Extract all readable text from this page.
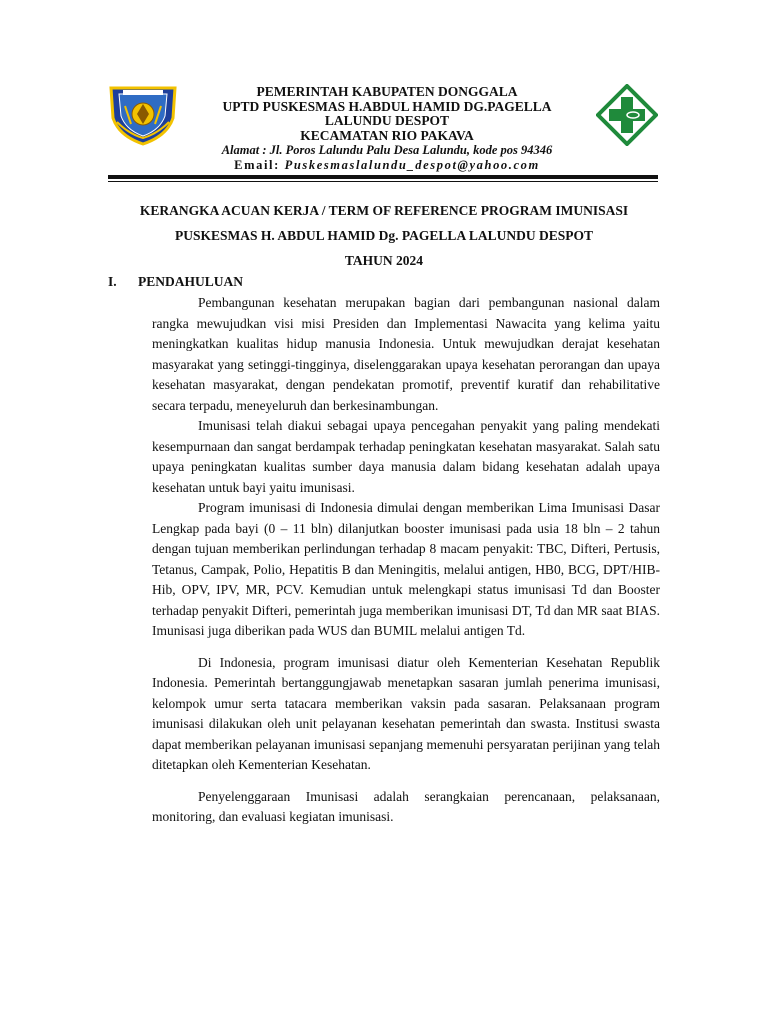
PEMERINTAH KABUPATEN DONGGALA
UPTD PUSKESMAS H.ABDUL HAMID DG.PAGELLA
LALUNDU DESPOT
KECAMATAN RIO PAKAVA
Alamat : Jl. Poros Lalundu Palu Desa Lalundu, kode pos 94346
Email: Puskesmaslalundu_despot@yahoo.com
KERANGKA ACUAN KERJA / TERM OF REFERENCE PROGRAM IMUNISASI
PUSKESMAS H. ABDUL HAMID Dg. PAGELLA LALUNDU DESPOT
TAHUN 2024
I. PENDAHULUAN

Pembangunan kesehatan merupakan bagian dari pembangunan nasional dalam rangka mewujudkan visi misi Presiden dan Implementasi Nawacita yang kelima yaitu meningkatkan kualitas hidup manusia Indonesia. Untuk mewujudkan derajat kesehatan masyarakat yang setinggi-tingginya, diselenggarakan upaya kesehatan perorangan dan upaya kesehatan masyarakat, dengan pendekatan promotif, preventif kuratif dan rehabilitative secara terpadu, meneyeluruh dan berkesinambungan.

Imunisasi telah diakui sebagai upaya pencegahan penyakit yang paling mendekati kesempurnaan dan sangat berdampak terhadap peningkatan kesehatan masyarakat. Salah satu upaya peningkatan kualitas sumber daya manusia dalam bidang kesehatan adalah upaya kesehatan untuk bayi yaitu imunisasi.

Program imunisasi di Indonesia dimulai dengan memberikan Lima Imunisasi Dasar Lengkap pada bayi (0 – 11 bln) dilanjutkan booster imunisasi pada usia 18 bln – 2 tahun dengan tujuan memberikan perlindungan terhadap 8 macam penyakit: TBC, Difteri, Pertusis, Tetanus, Campak, Polio, Hepatitis B dan Meningitis, melalui antigen, HB0, BCG, DPT/HIB-Hib, OPV, IPV, MR, PCV. Kemudian untuk melengkapi status imunisasi Td dan Booster terhadap penyakit Difteri, pemerintah juga memberikan imunisasi DT, Td dan MR saat BIAS. Imunisasi juga diberikan pada WUS dan BUMIL melalui antigen Td.

Di Indonesia, program imunisasi diatur oleh Kementerian Kesehatan Republik Indonesia. Pemerintah bertanggungjawab menetapkan sasaran jumlah penerima imunisasi, kelompok umur serta tatacara memberikan vaksin pada sasaran. Pelaksanaan program imunisasi dilakukan oleh unit pelayanan kesehatan pemerintah dan swasta. Institusi swasta dapat memberikan pelayanan imunisasi sepanjang memenuhi persyaratan perijinan yang telah ditetapkan oleh Kementerian Kesehatan.

Penyelenggaraan Imunisasi adalah serangkaian perencanaan, pelaksanaan, monitoring, dan evaluasi kegiatan imunisasi.
